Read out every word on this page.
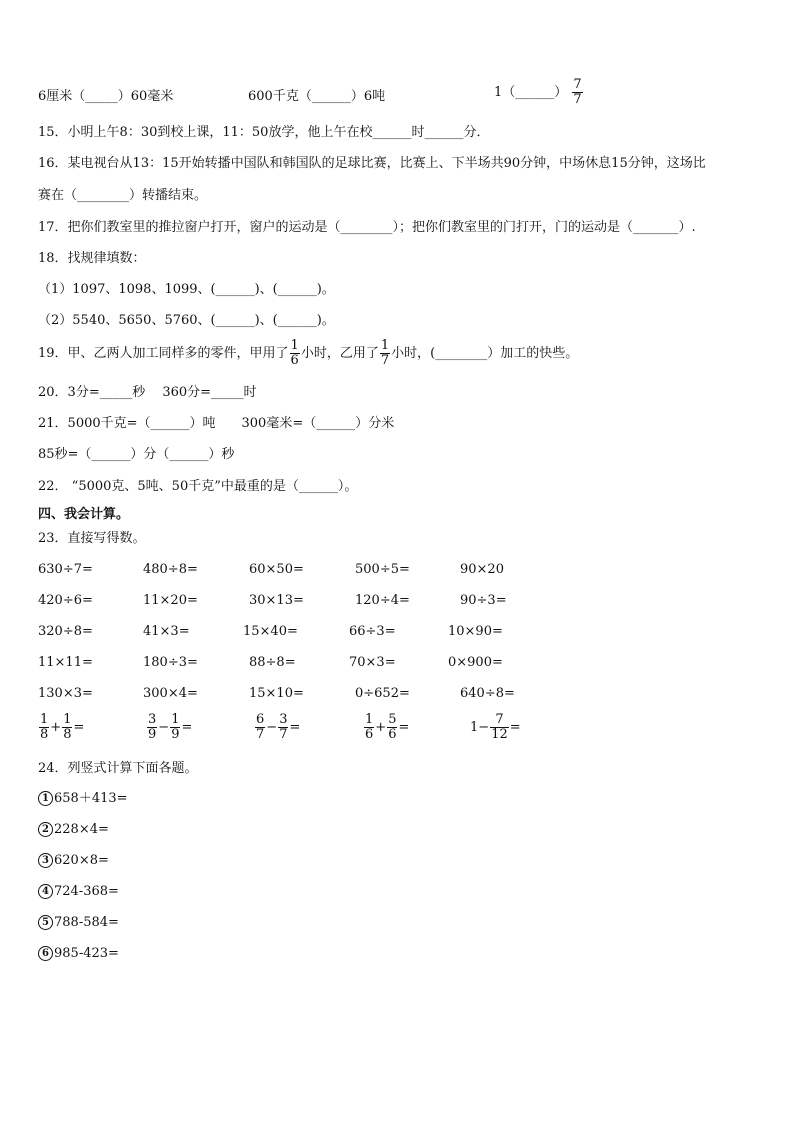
6厘米（_____）60毫米	600千克（______）6吨	1（______） $\frac{7}{7}$
15．小明上午8：30到校上课，11：50放学，他上午在校______时______分．
16．某电视台从13：15开始转播中国队和韩国队的足球比赛，比赛上、下半场共90分钟，中场休息15分钟，这场比
赛在（________）转播结束。
17．把你们教室里的推拉窗户打开，窗户的运动是（________）；把你们教室里的门打开，门的运动是（_______）.
18．找规律填数：
（1）1097、1098、1099、(______)、(______)。
（2）5540、5650、5760、(______)、(______)。
19．甲、乙两人加工同样多的零件，甲用了 $\frac{1}{6}$ 小时，乙用了 $\frac{1}{7}$ 小时，(________）加工的快些。
20．3分=_____秒　 360分=_____时
21．5000千克=（______）吨　　300毫米=（______）分米
85秒=（______）分（______）秒
22． “5000克、5吨、50千克”中最重的是（______）。
四、我会计算。
23．直接写得数。
630÷7=	480÷8=	60×50=	500÷5=	90×20
420÷6=	11×20=	30×13=	120÷4=	90÷3=
320÷8=	41×3=	15×40=	66÷3=	10×90=
11×11=	180÷3=	88÷8=	70×3=	0×900=
130×3=	300×4=	15×10=	0÷652=	640÷8=
$\frac{1}{8} + \frac{1}{8}$ =	$\frac{3}{9} - \frac{1}{9}$ =	$\frac{6}{7} - \frac{3}{7}$ =	$\frac{1}{6} + \frac{5}{6}$ =	$1- \frac{7}{12}$ =
24．列竖式计算下面各题。
1 658＋413=
2 228×4=
3 620×8=
4 724-368=
5 788-584=
6 985-423=
